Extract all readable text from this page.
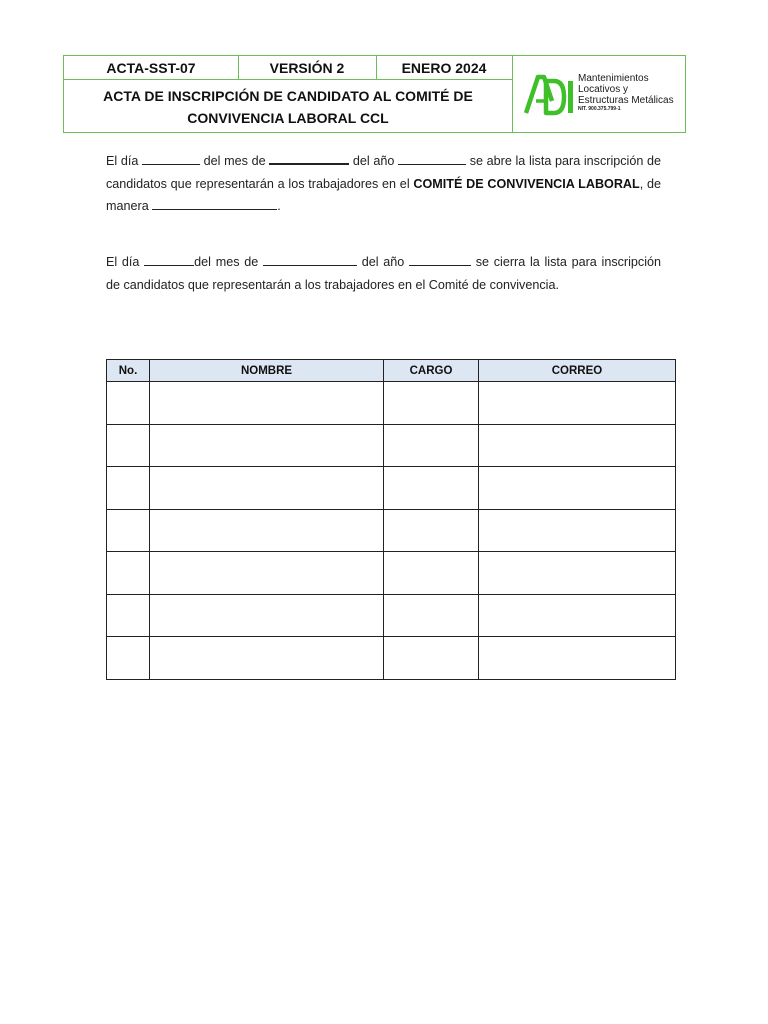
ACTA-SST-07	VERSIÓN 2	ENERO 2024
ACTA DE INSCRIPCIÓN DE CANDIDATO AL COMITÉ DE
CONVIVENCIA LABORAL CCL
Mantenimientos
Locativos y
Estructuras Metálicas
NIT. 900.375.799-1
El día	del mes de	del año	se abre la lista para inscripción de candidatos que representarán a los trabajadores en el COMITÉ DE CONVIVENCIA LABORAL, de manera	.
El día	del mes de	del año	se cierra la lista para inscripción de candidatos que representarán a los trabajadores en el Comité de convivencia.
No.	NOMBRE	CARGO	CORREO
